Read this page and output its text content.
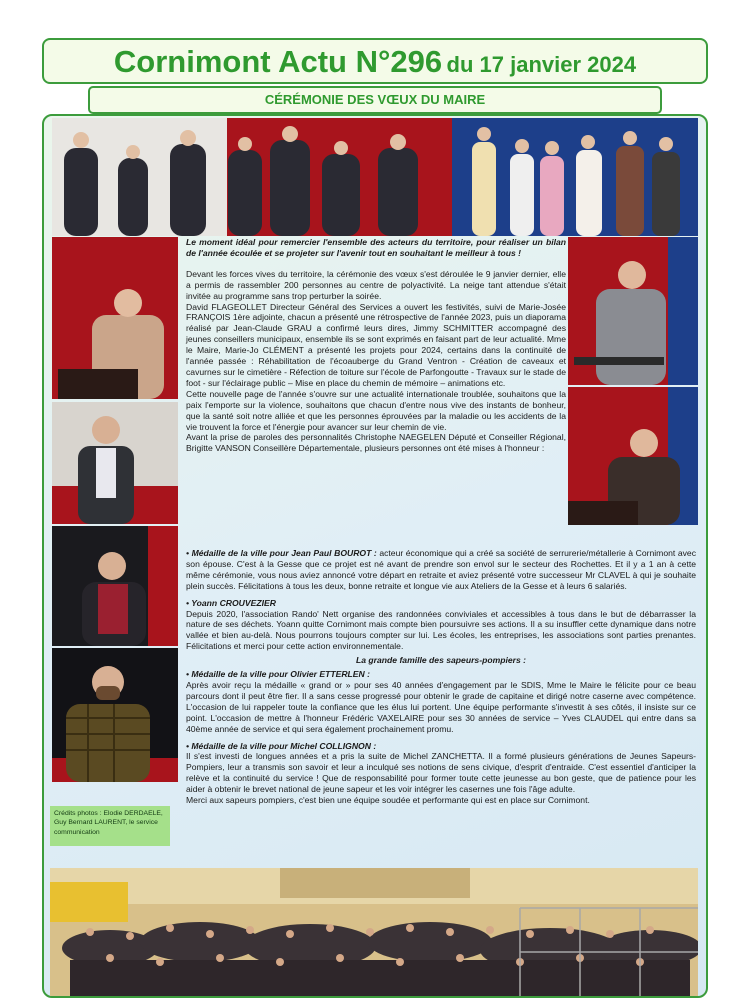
Cornimont Actu N°296 du 17 janvier 2024
CÉRÉMONIE DES VŒUX DU MAIRE

Le moment idéal pour remercier l'ensemble des acteurs du territoire, pour réaliser un bilan de l'année écoulée et se projeter sur l'avenir tout en souhaitant le meilleur à tous !

Devant les forces vives du territoire, la cérémonie des vœux s'est déroulée le 9 janvier dernier, elle a permis de rassembler 200 personnes au centre de polyactivité. La neige tant attendue s'était invitée au programme sans trop perturber la soirée.

David FLAGEOLLET Directeur Général des Services a ouvert les festivités, suivi de Marie-Josée FRANÇOIS 1ère adjointe, chacun a présenté une rétrospective de l'année 2023, puis un diaporama réalisé par Jean-Claude GRAU a confirmé leurs dires, Jimmy SCHMITTER accompagné des jeunes conseillers municipaux, ensemble ils se sont exprimés en faisant part de leur actualité. Mme le Maire, Marie-Jo CLÉMENT a présenté les projets pour 2024, certains dans la continuité de l'année passée : Réhabilitation de l'écoauberge du Grand Ventron - Création de caveaux et cavurnes sur le cimetière - Réfection de toiture sur l'école de Parfongoutte - Travaux sur le stade de foot - sur l'éclairage public – Mise en place du chemin de mémoire – animations etc.

Cette nouvelle page de l'année s'ouvre sur une actualité internationale troublée, souhaitons que la paix l'emporte sur la violence, souhaitons que chacun d'entre nous vive des instants de bonheur, que la santé soit notre alliée et que les personnes éprouvées par la maladie ou les accidents de la vie trouvent la force et l'énergie pour avancer sur leur chemin de vie.

Avant la prise de paroles des personnalités Christophe NAEGELEN Député et Conseiller Régional, Brigitte VANSON Conseillère Départementale, plusieurs personnes ont été mises à l'honneur :

• Médaille de la ville pour Jean Paul BOUROT : acteur économique qui a créé sa société de serrurerie/métallerie à Cornimont avec son épouse. C'est à la Gesse que ce projet est né avant de prendre son envol sur le secteur des Rochettes. Et il y a 1 an à cette même cérémonie, vous nous aviez annoncé votre départ en retraite et aviez présenté votre successeur Mr CLAVEL à qui je souhaite plein succès. Félicitations à tous les deux, bonne retraite et longue vie aux Ateliers de la Gesse et à leurs 6 salariés.

• Yoann CROUVEZIER

Depuis 2020, l'association Rando' Nett organise des randonnées conviviales et accessibles à tous dans le but de débarrasser la nature de ses déchets. Yoann quitte Cornimont mais compte bien poursuivre ses actions. Il a su insuffler cette dynamique dans notre vallée et bien au-delà. Nous pourrons toujours compter sur lui. Les écoles, les entreprises, les associations sont parties prenantes. Félicitations et merci pour cette action environnementale.

La grande famille des sapeurs-pompiers :

• Médaille de la ville pour Olivier ETTERLEN :

Après avoir reçu la médaille « grand or » pour ses 40 années d'engagement par le SDIS, Mme le Maire le félicite pour ce beau parcours dont il peut être fier. Il a sans cesse progressé pour obtenir le grade de capitaine et dirigé notre caserne avec compétence. L'occasion de lui rappeler toute la confiance que les élus lui portent. Une équipe performante s'investit à ses côtés, il insiste sur ce point. L'occasion de mettre à l'honneur Frédéric VAXELAIRE pour ses 30 années de service – Yves CLAUDEL qui entre dans sa 40ème année de service et qui sera également prochainement promu.

• Médaille de la ville pour Michel COLLIGNON :

Il s'est investi de longues années et a pris la suite de Michel ZANCHETTA. Il a formé plusieurs générations de Jeunes Sapeurs-Pompiers, leur a transmis son savoir et leur a inculqué ses notions de sens civique, d'esprit d'entraide. C'est essentiel d'anticiper la relève et la continuité du service ! Que de responsabilité pour former toute cette jeunesse au bon geste, que de patience pour les aider à obtenir le brevet national de jeune sapeur et les voir intégrer les casernes une fois l'âge adulte.

Merci aux sapeurs pompiers, c'est bien une équipe soudée et performante qui est en place sur Cornimont.

Crédits photos : Elodie DERDAELE, Guy Bernard LAURENT, le service communication
